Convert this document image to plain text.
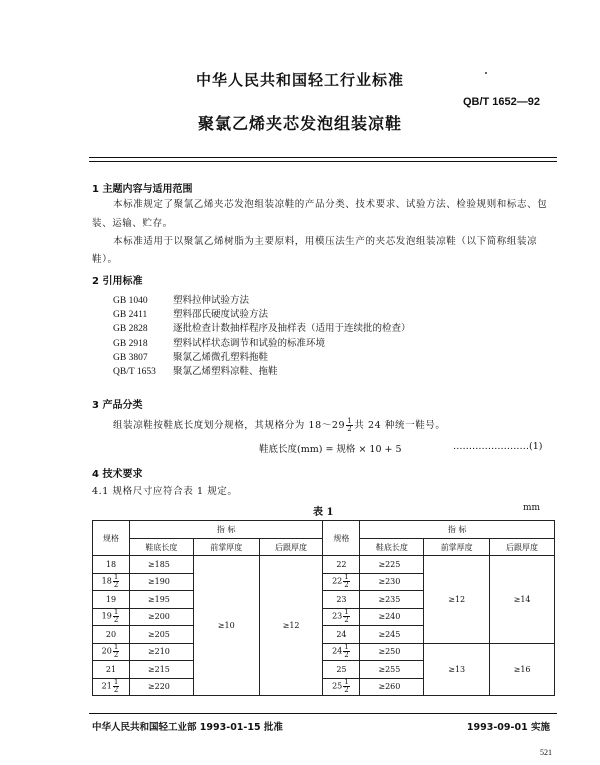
中华人民共和国轻工行业标准
QB/T 1652—92
聚氯乙烯夹芯发泡组装凉鞋
1 主题内容与适用范围
本标准规定了聚氯乙烯夹芯发泡组装凉鞋的产品分类、技术要求、试验方法、检验规则和标志、包
装、运输、贮存。
本标准适用于以聚氯乙烯树脂为主要原料，用模压法生产的夹芯发泡组装凉鞋（以下简称组装凉
鞋）。
2 引用标准
GB 1040	塑料拉伸试验方法
GB 2411	塑料邵氏硬度试验方法
GB 2828	逐批检查计数抽样程序及抽样表（适用于连续批的检查）
GB 2918	塑料试样状态调节和试验的标准环境
GB 3807	聚氯乙烯微孔塑料拖鞋
QB/T 1653 聚氯乙烯塑料凉鞋、拖鞋
3 产品分类
组装凉鞋按鞋底长度划分规格，其规格分为 18～29 $\frac{1}{2}$ 共 24 种统一鞋号。
鞋底长度(mm) = 规格 × 10 + 5	……………………(1)
4 技术要求
4.1 规格尺寸应符合表 1 规定。
表 1	mm
规格	指 标			规格	指 标		
	鞋底长度	前掌厚度	后跟厚度		鞋底长度	前掌厚度	后跟厚度
18	≥185	≥10	≥12	22	≥225	≥12	≥14
$18 \frac{1}{2}$	≥190			$22 \frac{1}{2}$	≥230		
19	≥195			23	≥235		
$19 \frac{1}{2}$	≥200			$23 \frac{1}{2}$	≥240		
20	≥205			24	≥245		
$20 \frac{1}{2}$	≥210			$24 \frac{1}{2}$	≥250	≥13	≥16
21	≥215			25	≥255		
$21 \frac{1}{2}$	≥220			$25 \frac{1}{2}$	≥260		
中华人民共和国轻工业部 1993-01-15 批准	1993-09-01 实施
521
